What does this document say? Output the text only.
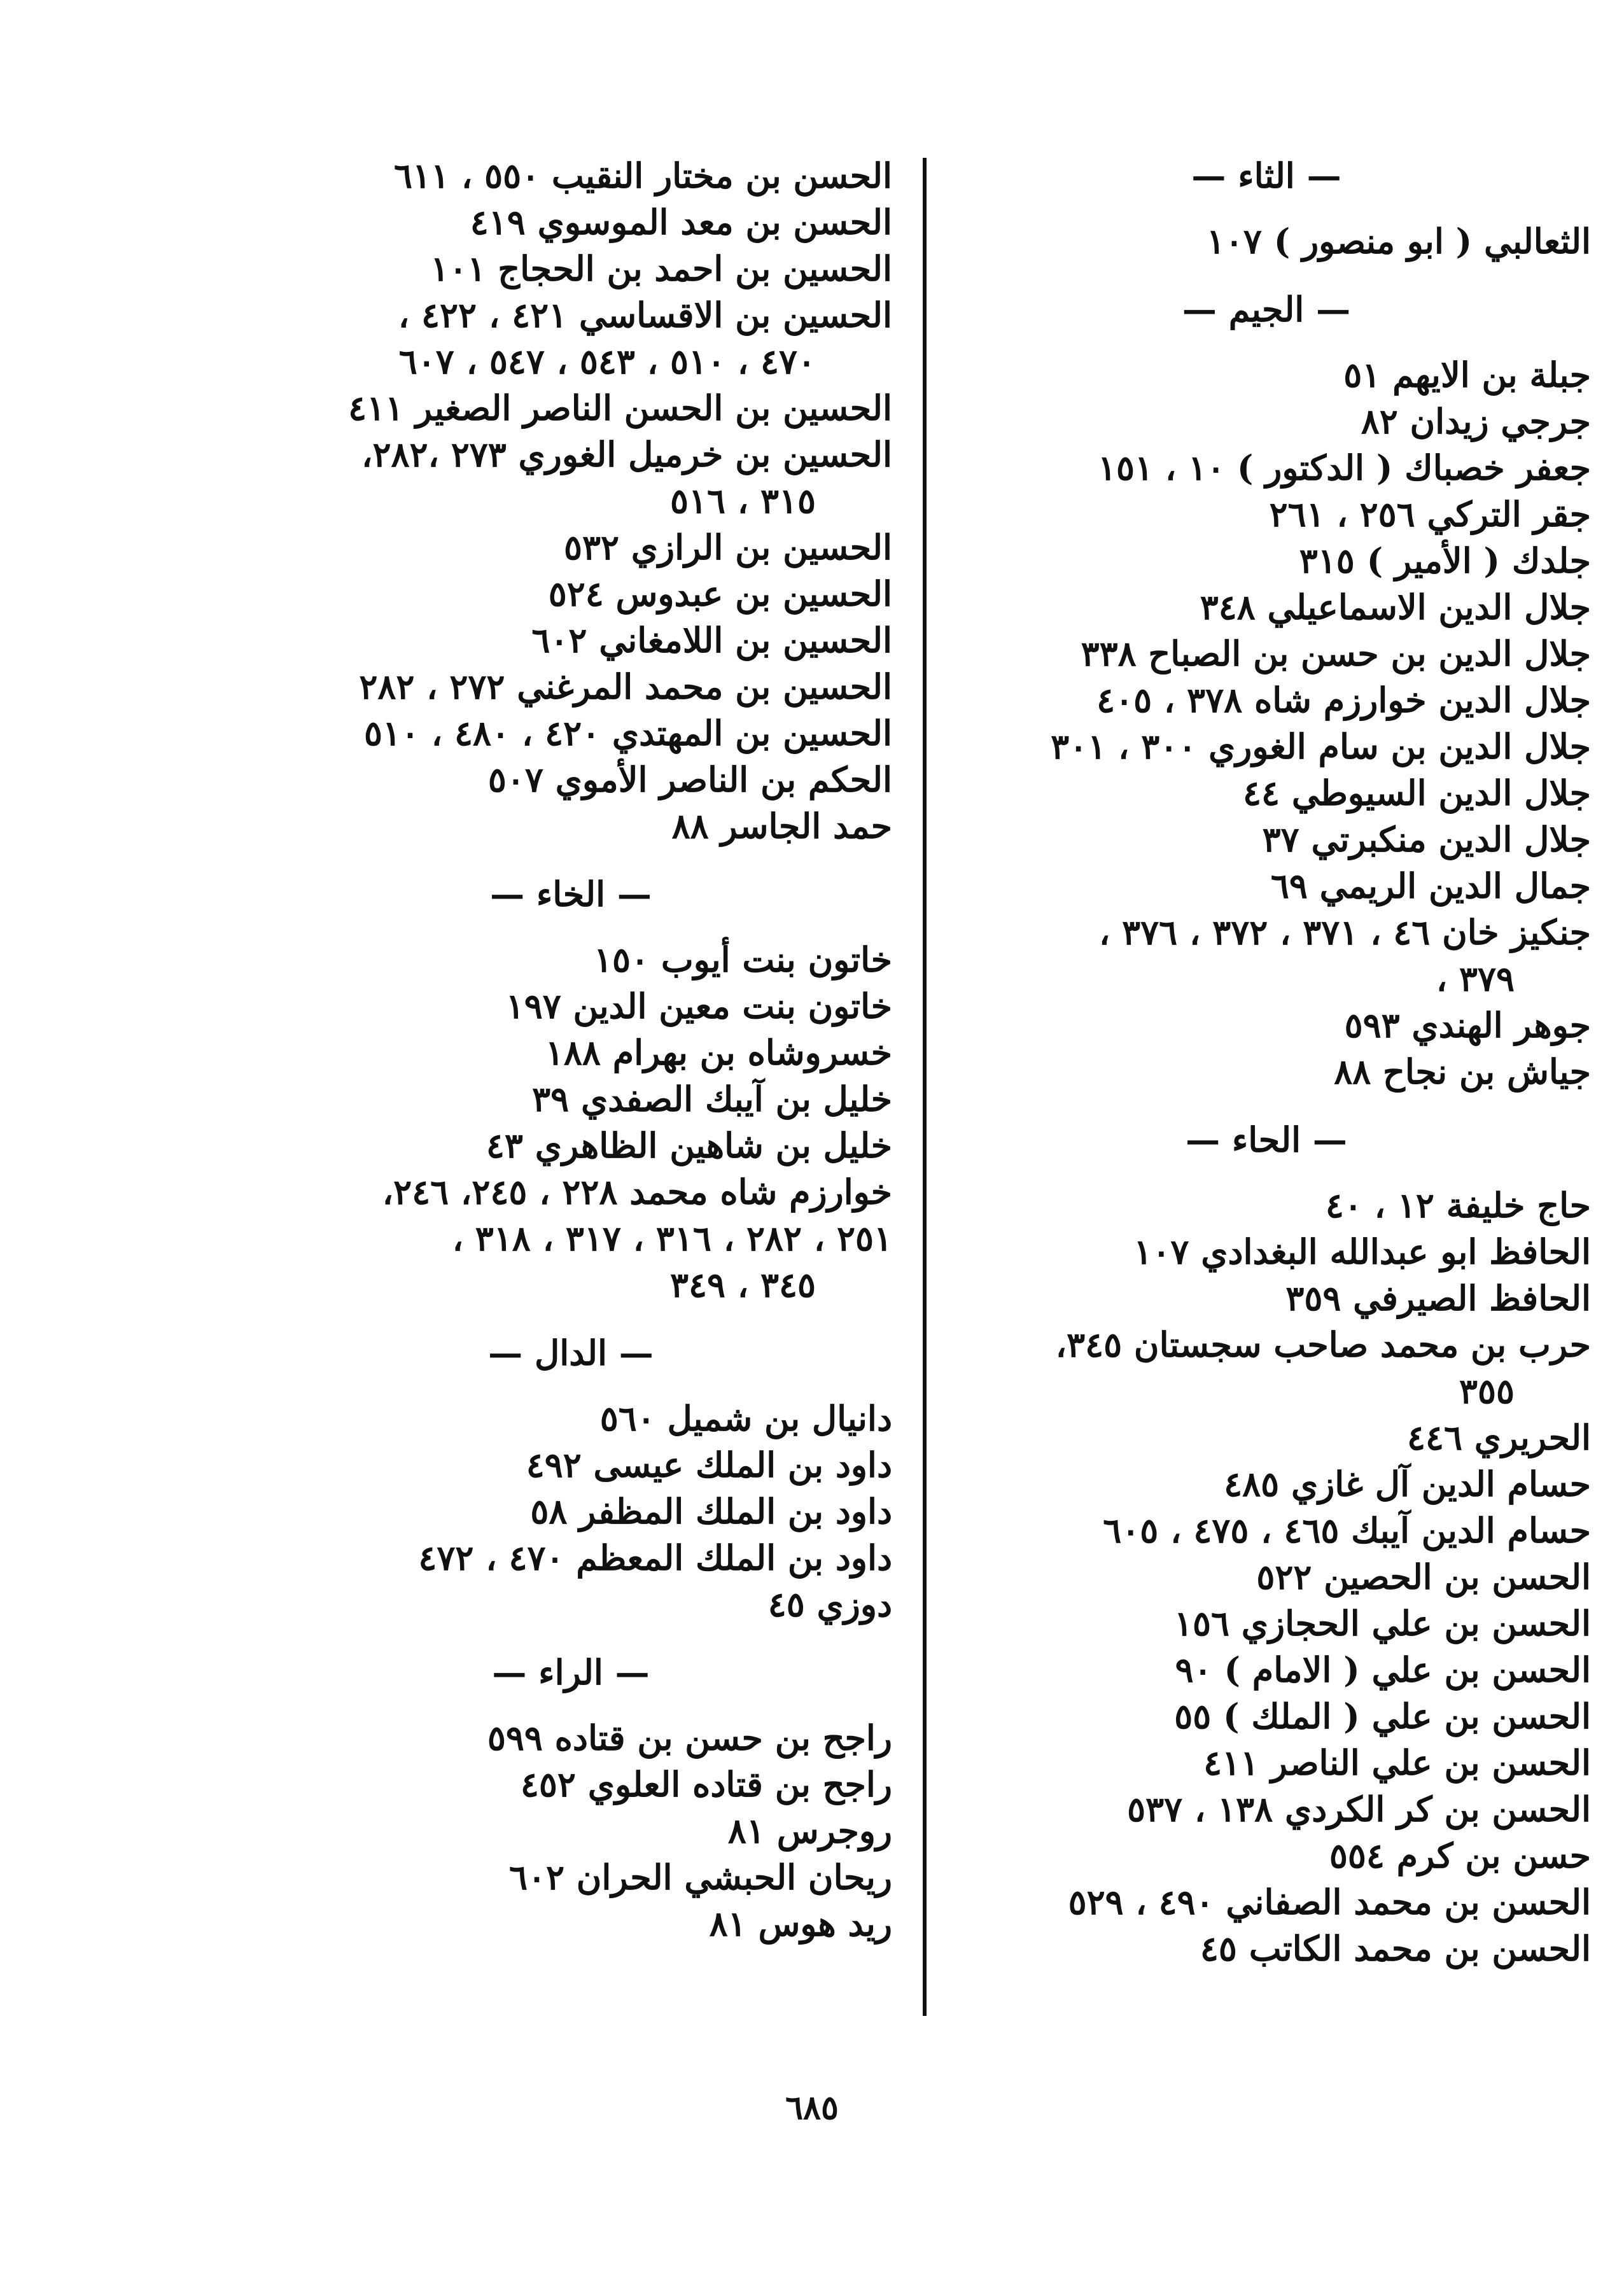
— الثاء —
الثعالبي ( ابو منصور ) ١٠٧
— الجيم —
جبلة بن الايهم ٥١
جرجي زيدان ٨٢
جعفر خصباك ( الدكتور ) ١٠ ، ١٥١
جقر التركي ٢٥٦ ، ٢٦١
جلدك ( الأمير ) ٣١٥
جلال الدين الاسماعيلي ٣٤٨
جلال الدين بن حسن بن الصباح ٣٣٨
جلال الدين خوارزم شاه ٣٧٨ ، ٤٠٥
جلال الدين بن سام الغوري ٣٠٠ ، ٣٠١
جلال الدين السيوطي ٤٤
جلال الدين منكبرتي ٣٧
جمال الدين الريمي ٦٩
جنكيز خان ٤٦ ، ٣٧١ ، ٣٧٢ ، ٣٧٦ ،
٣٧٩ ،
جوهر الهندي ٥٩٣
جياش بن نجاح ٨٨
— الحاء —
حاج خليفة ١٢ ، ٤٠
الحافظ ابو عبدالله البغدادي ١٠٧
الحافظ الصيرفي ٣٥٩
حرب بن محمد صاحب سجستان ٣٤٥،
٣٥٥
الحريري ٤٤٦
حسام الدين آل غازي ٤٨٥
حسام الدين آيبك ٤٦٥ ، ٤٧٥ ، ٦٠٥
الحسن بن الحصين ٥٢٢
الحسن بن علي الحجازي ١٥٦
الحسن بن علي ( الامام ) ٩٠
الحسن بن علي ( الملك ) ٥٥
الحسن بن علي الناصر ٤١١
الحسن بن كر الكردي ١٣٨ ، ٥٣٧
حسن بن كرم ٥٥٤
الحسن بن محمد الصفاني ٤٩٠ ، ٥٢٩
الحسن بن محمد الكاتب ٤٥
الحسن بن مختار النقيب ٥٥٠ ، ٦١١
الحسن بن معد الموسوي ٤١٩
الحسين بن احمد بن الحجاج ١٠١
الحسين بن الاقساسي ٤٢١ ، ٤٢٢ ،
٤٧٠ ، ٥١٠ ، ٥٤٣ ، ٥٤٧ ، ٦٠٧
الحسين بن الحسن الناصر الصغير ٤١١
الحسين بن خرميل الغوري ٢٧٣ ،٢٨٢،
٣١٥ ، ٥١٦
الحسين بن الرازي ٥٣٢
الحسين بن عبدوس ٥٢٤
الحسين بن اللامغاني ٦٠٢
الحسين بن محمد المرغني ٢٧٢ ، ٢٨٢
الحسين بن المهتدي ٤٢٠ ، ٤٨٠ ، ٥١٠
الحكم بن الناصر الأموي ٥٠٧
حمد الجاسر ٨٨
— الخاء —
خاتون بنت أيوب ١٥٠
خاتون بنت معين الدين ١٩٧
خسروشاه بن بهرام ١٨٨
خليل بن آيبك الصفدي ٣٩
خليل بن شاهين الظاهري ٤٣
خوارزم شاه محمد ٢٢٨ ، ٢٤٥، ٢٤٦،
٢٥١ ، ٢٨٢ ، ٣١٦ ، ٣١٧ ، ٣١٨ ،
٣٤٥ ، ٣٤٩
— الدال —
دانيال بن شميل ٥٦٠
داود بن الملك عيسى ٤٩٢
داود بن الملك المظفر ٥٨
داود بن الملك المعظم ٤٧٠ ، ٤٧٢
دوزي ٤٥
— الراء —
راجح بن حسن بن قتاده ٥٩٩
راجح بن قتاده العلوي ٤٥٢
روجرس ٨١
ريحان الحبشي الحران ٦٠٢
ريد هوس ٨١
٦٨٥
